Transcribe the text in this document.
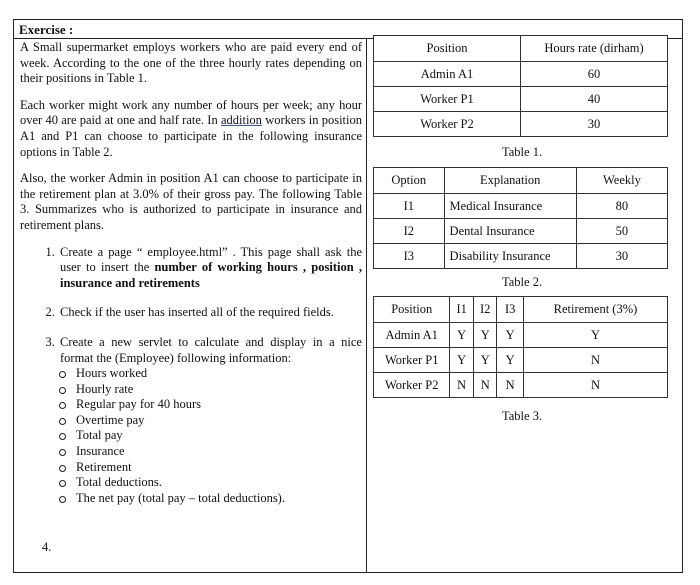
Exercise :

A Small supermarket employs workers who are paid every end of week. According to the one of the three hourly rates depending on their positions in Table 1.

Each worker might work any number of hours per week; any hour over 40 are paid at one and half rate. In addition workers in position A1 and P1 can choose to participate in the following insurance options in Table 2.

Also, the worker Admin in position A1 can choose to participate in the retirement plan at 3.0% of their gross pay. The following Table 3. Summarizes who is authorized to participate in insurance and retirement plans.

1. Create a page “ employee.html” . This page shall ask the user to insert the number of working hours , position , insurance and retirements
2. Check if the user has inserted all of the required fields.
3. Create a new servlet to calculate and display in a nice format the (Employee) following information:
Hours worked
Hourly rate
Regular pay for 40 hours
Overtime pay
Total pay
Insurance
Retirement
Total deductions.
The net pay (total pay – total deductions).
4.
Position	Hours rate (dirham)
Admin A1	60
Worker P1	40
Worker P2	30
Table 1.
Option	Explanation	Weekly
I1	Medical Insurance	80
I2	Dental Insurance	50
I3	Disability Insurance	30
Table 2.
Position	I1	I2	I3	Retirement (3%)
Admin A1	Y	Y	Y	Y
Worker P1	Y	Y	Y	N
Worker P2	N	N	N	N
Table 3.
